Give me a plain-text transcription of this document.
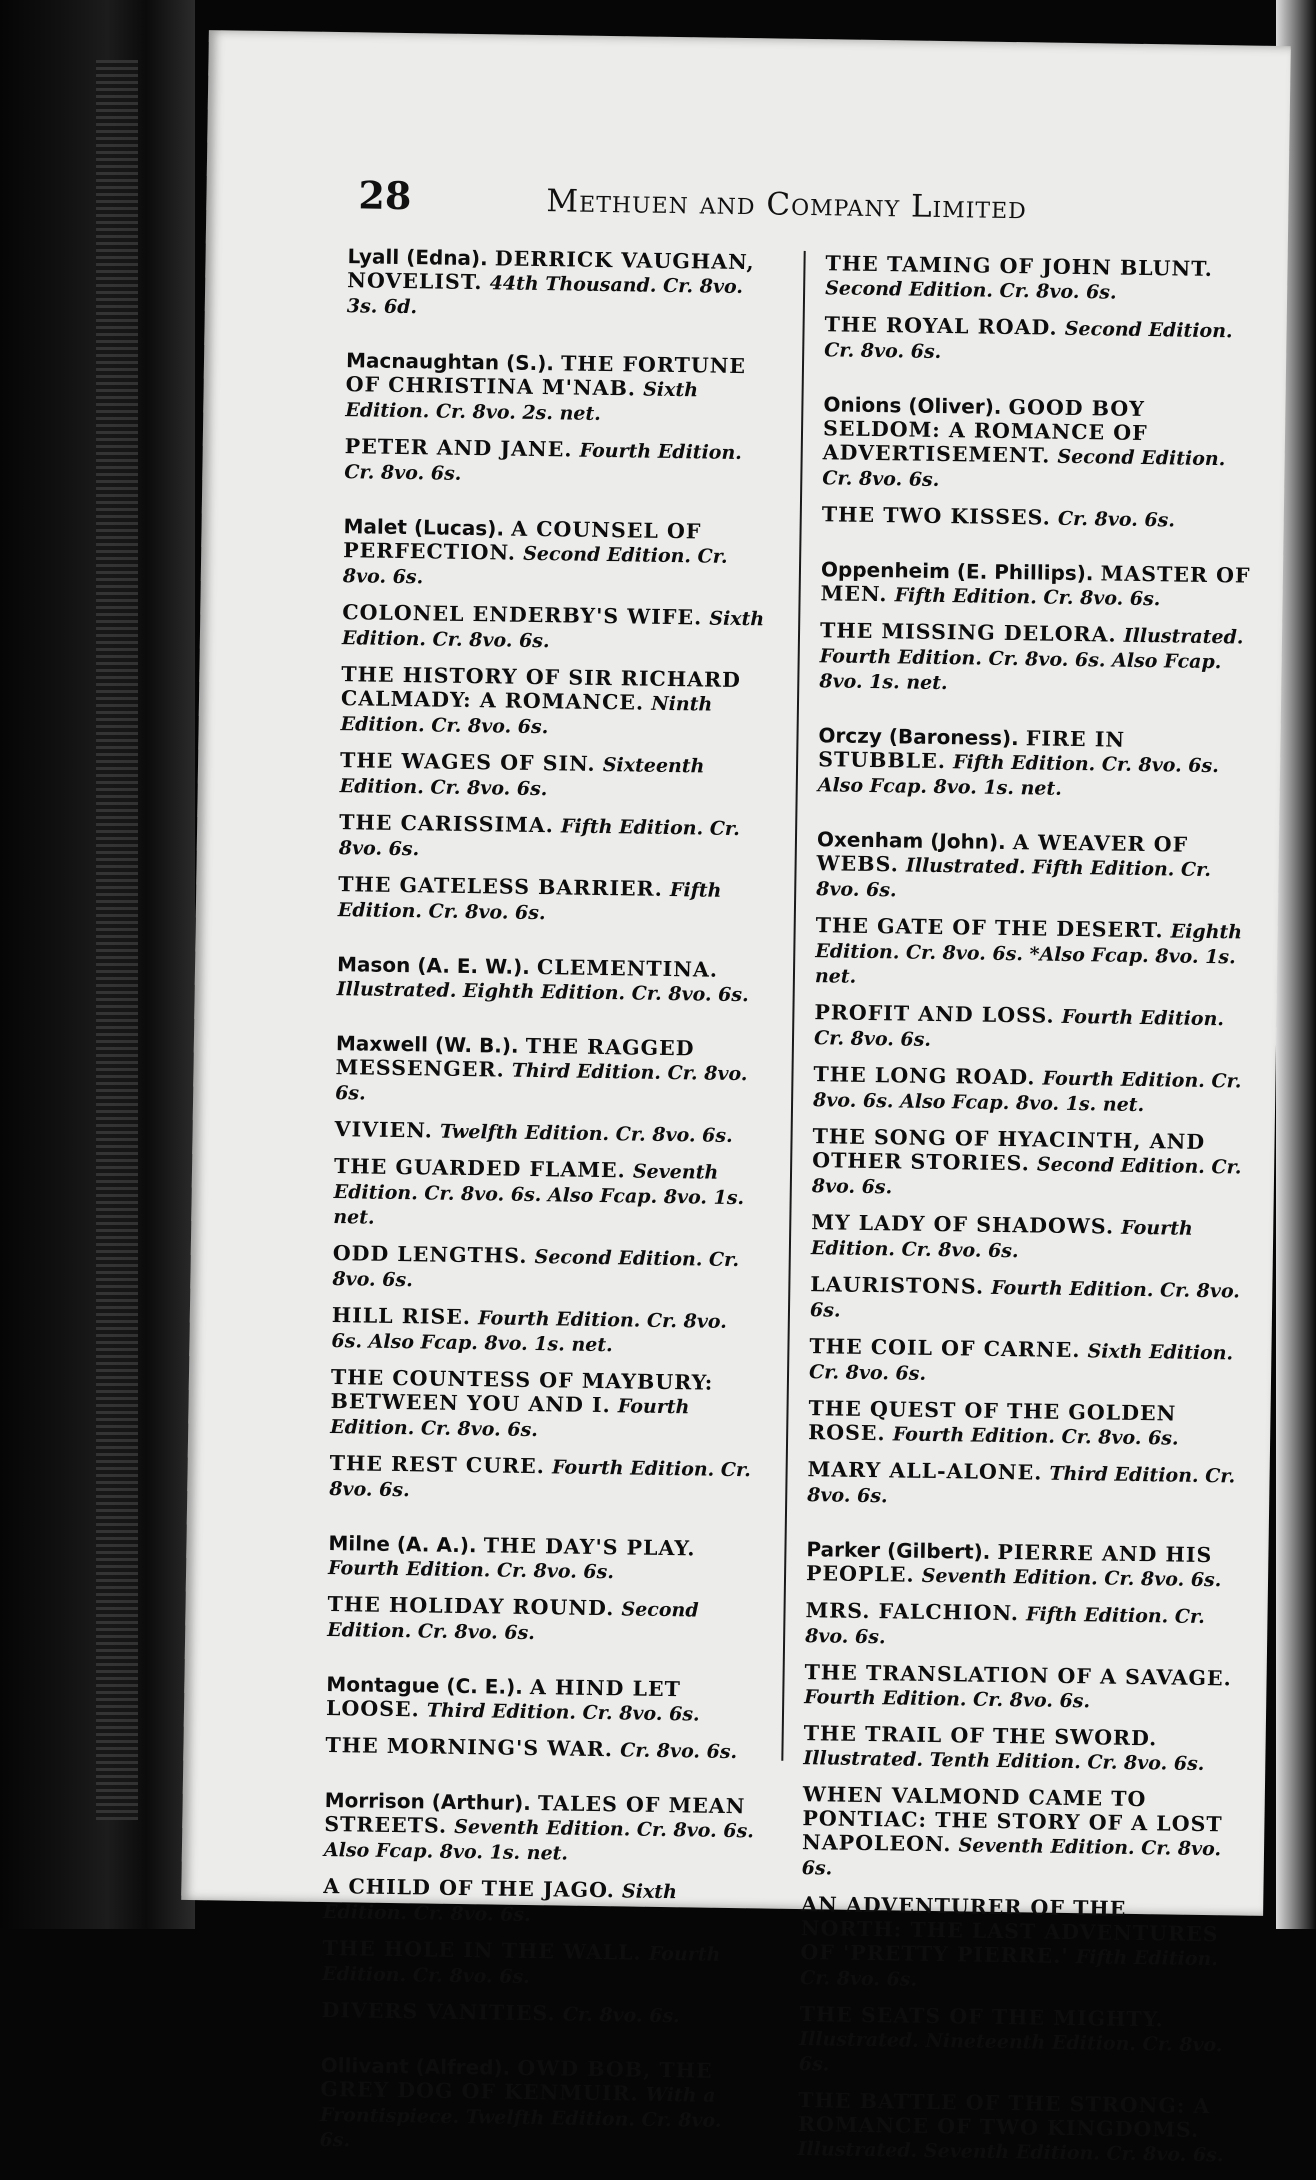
28	Methuen and Company Limited
Lyall (Edna). DERRICK VAUGHAN, NOVELIST. 44th Thousand. Cr. 8vo. 3s. 6d.
Macnaughtan (S.). THE FORTUNE OF CHRISTINA M'NAB. Sixth Edition. Cr. 8vo. 2s. net.
PETER AND JANE. Fourth Edition. Cr. 8vo. 6s.
Malet (Lucas). A COUNSEL OF PERFECTION. Second Edition. Cr. 8vo. 6s.
COLONEL ENDERBY'S WIFE. Sixth Edition. Cr. 8vo. 6s.
THE HISTORY OF SIR RICHARD CALMADY: A ROMANCE. Ninth Edition. Cr. 8vo. 6s.
THE WAGES OF SIN. Sixteenth Edition. Cr. 8vo. 6s.
THE CARISSIMA. Fifth Edition. Cr. 8vo. 6s.
THE GATELESS BARRIER. Fifth Edition. Cr. 8vo. 6s.
Mason (A. E. W.). CLEMENTINA. Illustrated. Eighth Edition. Cr. 8vo. 6s.
Maxwell (W. B.). THE RAGGED MESSENGER. Third Edition. Cr. 8vo. 6s.
VIVIEN. Twelfth Edition. Cr. 8vo. 6s.
THE GUARDED FLAME. Seventh Edition. Cr. 8vo. 6s. Also Fcap. 8vo. 1s. net.
ODD LENGTHS. Second Edition. Cr. 8vo. 6s.
HILL RISE. Fourth Edition. Cr. 8vo. 6s. Also Fcap. 8vo. 1s. net.
THE COUNTESS OF MAYBURY: BETWEEN YOU AND I. Fourth Edition. Cr. 8vo. 6s.
THE REST CURE. Fourth Edition. Cr. 8vo. 6s.
Milne (A. A.). THE DAY'S PLAY. Fourth Edition. Cr. 8vo. 6s.
THE HOLIDAY ROUND. Second Edition. Cr. 8vo. 6s.
Montague (C. E.). A HIND LET LOOSE. Third Edition. Cr. 8vo. 6s.
THE MORNING'S WAR. Cr. 8vo. 6s.
Morrison (Arthur). TALES OF MEAN STREETS. Seventh Edition. Cr. 8vo. 6s. Also Fcap. 8vo. 1s. net.
A CHILD OF THE JAGO. Sixth Edition. Cr. 8vo. 6s.
THE HOLE IN THE WALL. Fourth Edition. Cr. 8vo. 6s.
DIVERS VANITIES. Cr. 8vo. 6s.
Ollivant (Alfred). OWD BOB, THE GREY DOG OF KENMUIR. With a Frontispiece. Twelfth Edition. Cr. 8vo. 6s.
THE TAMING OF JOHN BLUNT. Second Edition. Cr. 8vo. 6s.
THE ROYAL ROAD. Second Edition. Cr. 8vo. 6s.
Onions (Oliver). GOOD BOY SELDOM: A ROMANCE OF ADVERTISEMENT. Second Edition. Cr. 8vo. 6s.
THE TWO KISSES. Cr. 8vo. 6s.
Oppenheim (E. Phillips). MASTER OF MEN. Fifth Edition. Cr. 8vo. 6s.
THE MISSING DELORA. Illustrated. Fourth Edition. Cr. 8vo. 6s. Also Fcap. 8vo. 1s. net.
Orczy (Baroness). FIRE IN STUBBLE. Fifth Edition. Cr. 8vo. 6s. Also Fcap. 8vo. 1s. net.
Oxenham (John). A WEAVER OF WEBS. Illustrated. Fifth Edition. Cr. 8vo. 6s.
THE GATE OF THE DESERT. Eighth Edition. Cr. 8vo. 6s. *Also Fcap. 8vo. 1s. net.
PROFIT AND LOSS. Fourth Edition. Cr. 8vo. 6s.
THE LONG ROAD. Fourth Edition. Cr. 8vo. 6s. Also Fcap. 8vo. 1s. net.
THE SONG OF HYACINTH, AND OTHER STORIES. Second Edition. Cr. 8vo. 6s.
MY LADY OF SHADOWS. Fourth Edition. Cr. 8vo. 6s.
LAURISTONS. Fourth Edition. Cr. 8vo. 6s.
THE COIL OF CARNE. Sixth Edition. Cr. 8vo. 6s.
THE QUEST OF THE GOLDEN ROSE. Fourth Edition. Cr. 8vo. 6s.
MARY ALL-ALONE. Third Edition. Cr. 8vo. 6s.
Parker (Gilbert). PIERRE AND HIS PEOPLE. Seventh Edition. Cr. 8vo. 6s.
MRS. FALCHION. Fifth Edition. Cr. 8vo. 6s.
THE TRANSLATION OF A SAVAGE. Fourth Edition. Cr. 8vo. 6s.
THE TRAIL OF THE SWORD. Illustrated. Tenth Edition. Cr. 8vo. 6s.
WHEN VALMOND CAME TO PONTIAC: THE STORY OF A LOST NAPOLEON. Seventh Edition. Cr. 8vo. 6s.
AN ADVENTURER OF THE NORTH: THE LAST ADVENTURES OF 'PRETTY PIERRE.' Fifth Edition. Cr. 8vo. 6s.
THE SEATS OF THE MIGHTY. Illustrated. Nineteenth Edition. Cr. 8vo. 6s.
THE BATTLE OF THE STRONG: A ROMANCE OF TWO KINGDOMS. Illustrated. Seventh Edition. Cr. 8vo. 6s.
